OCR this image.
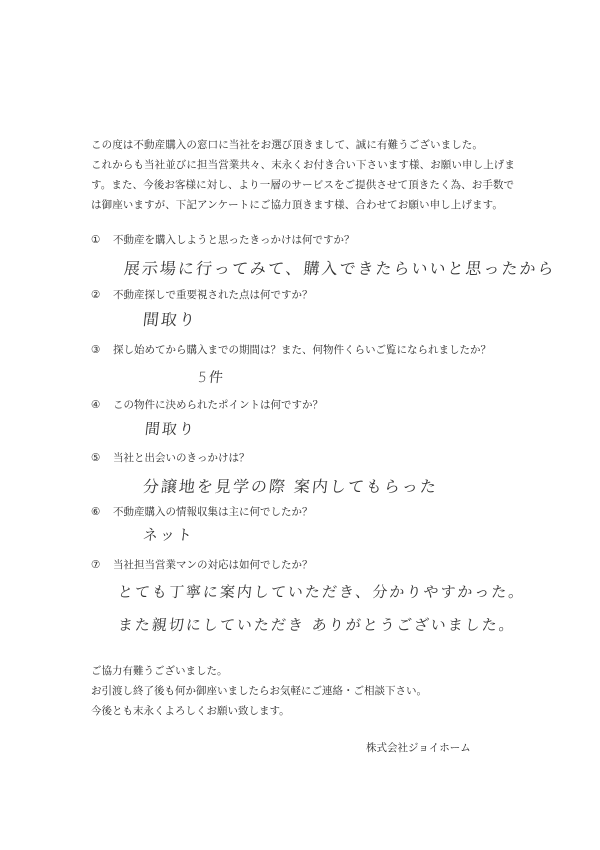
この度は不動産購入の窓口に当社をお選び頂きまして、誠に有難うございました。
これからも当社並びに担当営業共々、末永くお付き合い下さいます様、お願い申し上げま
す。また、今後お客様に対し、より一層のサービスをご提供させて頂きたく為、お手数で
は御座いますが、下記アンケートにご協力頂きます様、合わせてお願い申し上げます。
① 不動産を購入しようと思ったきっかけは何ですか？
展示場に行ってみて、購入できたらいいと思ったから
② 不動産探しで重要視された点は何ですか？
間取り
③ 探し始めてから購入までの期間は？また、何物件くらいご覧になられましたか？
5件
④ この物件に決められたポイントは何ですか？
間取り
⑤ 当社と出会いのきっかけは？
分譲地を見学の際 案内してもらった
⑥ 不動産購入の情報収集は主に何でしたか？
ネット
⑦ 当社担当営業マンの対応は如何でしたか？
とても丁寧に案内していただき、分かりやすかった。
また親切にしていただき ありがとうございました。
ご協力有難うございました。
お引渡し終了後も何か御座いましたらお気軽にご連絡・ご相談下さい。
今後とも末永くよろしくお願い致します。
株式会社ジョイホーム
